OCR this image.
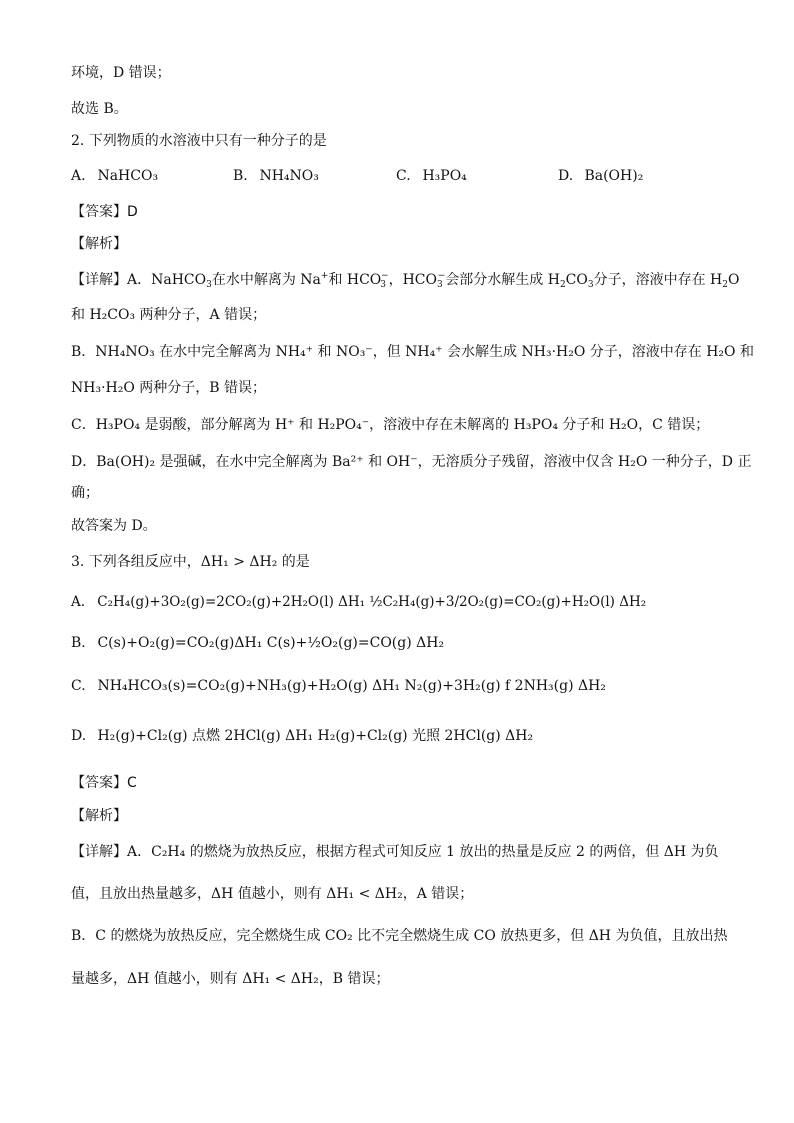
环境，D 错误；
故选 B。
2. 下列物质的水溶液中只有一种分子的是
A. NaHCO₃	B. NH₄NO₃	C. H₃PO₄	D. Ba(OH)₂
【答案】D
【解析】
【详解】A．NaHCO$_3$在水中解离为 Na+和 $HCO_3^-$，$HCO_3^-$会部分水解生成 $H_2CO_3$分子，溶液中存在 $H_2O$
和 H₂CO₃ 两种分子，A 错误；
B．NH₄NO₃ 在水中完全解离为 NH₄⁺ 和 NO₃⁻，但 NH₄⁺ 会水解生成 NH₃·H₂O 分子，溶液中存在 H₂O 和
NH₃·H₂O 两种分子，B 错误；
C．H₃PO₄ 是弱酸，部分解离为 H⁺ 和 H₂PO₄⁻，溶液中存在未解离的 H₃PO₄ 分子和 H₂O，C 错误；
D．Ba(OH)₂ 是强碱，在水中完全解离为 Ba²⁺ 和 OH⁻，无溶质分子残留，溶液中仅含 H₂O 一种分子，D 正
确；
故答案为 D。
3. 下列各组反应中，ΔH₁ > ΔH₂ 的是
A. C₂H₄(g)+3O₂(g)=2CO₂(g)+2H₂O(l) ΔH₁ ½C₂H₄(g)+3/2O₂(g)=CO₂(g)+H₂O(l) ΔH₂
B. C(s)+O₂(g)=CO₂(g)ΔH₁ C(s)+½O₂(g)=CO(g) ΔH₂
C. NH₄HCO₃(s)=CO₂(g)+NH₃(g)+H₂O(g) ΔH₁ N₂(g)+3H₂(g) f 2NH₃(g) ΔH₂
D. H₂(g)+Cl₂(g) 点燃 2HCl(g) ΔH₁ H₂(g)+Cl₂(g) 光照 2HCl(g) ΔH₂
【答案】C
【解析】
【详解】A．C₂H₄ 的燃烧为放热反应，根据方程式可知反应 1 放出的热量是反应 2 的两倍，但 ΔH 为负
值，且放出热量越多，ΔH 值越小，则有 ΔH₁ < ΔH₂，A 错误；
B．C 的燃烧为放热反应，完全燃烧生成 CO₂ 比不完全燃烧生成 CO 放热更多，但 ΔH 为负值，且放出热
量越多，ΔH 值越小，则有 ΔH₁ < ΔH₂，B 错误；
